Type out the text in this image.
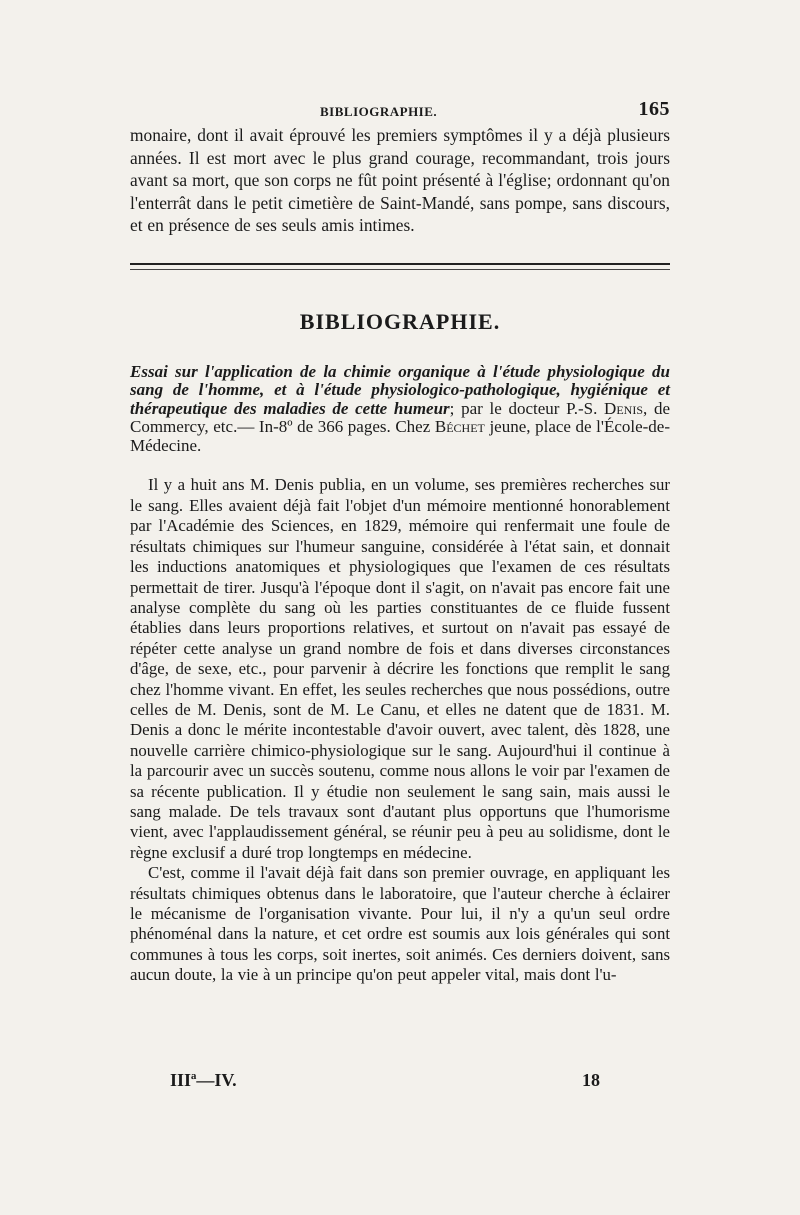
BIBLIOGRAPHIE.	165

monaire, dont il avait éprouvé les premiers symptômes il y a déjà plusieurs années. Il est mort avec le plus grand courage, recommandant, trois jours avant sa mort, que son corps ne fût point présenté à l'église; ordonnant qu'on l'enterrât dans le petit cimetière de Saint-Mandé, sans pompe, sans discours, et en présence de ses seuls amis intimes.

BIBLIOGRAPHIE.

Essai sur l'application de la chimie organique à l'étude physiologique du sang de l'homme, et à l'étude physiologico-pathologique, hygiénique et thérapeutique des maladies de cette humeur; par le docteur P.-S. Denis, de Commercy, etc.— In-8º de 366 pages. Chez Béchet jeune, place de l'École-de-Médecine.

Il y a huit ans M. Denis publia, en un volume, ses premières recherches sur le sang. Elles avaient déjà fait l'objet d'un mémoire mentionné honorablement par l'Académie des Sciences, en 1829, mémoire qui renfermait une foule de résultats chimiques sur l'humeur sanguine, considérée à l'état sain, et donnait les inductions anatomiques et physiologiques que l'examen de ces résultats permettait de tirer. Jusqu'à l'époque dont il s'agit, on n'avait pas encore fait une analyse complète du sang où les parties constituantes de ce fluide fussent établies dans leurs proportions relatives, et surtout on n'avait pas essayé de répéter cette analyse un grand nombre de fois et dans diverses circonstances d'âge, de sexe, etc., pour parvenir à décrire les fonctions que remplit le sang chez l'homme vivant. En effet, les seules recherches que nous possédions, outre celles de M. Denis, sont de M. Le Canu, et elles ne datent que de 1831. M. Denis a donc le mérite incontestable d'avoir ouvert, avec talent, dès 1828, une nouvelle carrière chimico-physiologique sur le sang. Aujourd'hui il continue à la parcourir avec un succès soutenu, comme nous allons le voir par l'examen de sa récente publication. Il y étudie non seulement le sang sain, mais aussi le sang malade. De tels travaux sont d'autant plus opportuns que l'humorisme vient, avec l'applaudissement général, se réunir peu à peu au solidisme, dont le règne exclusif a duré trop longtemps en médecine.

C'est, comme il l'avait déjà fait dans son premier ouvrage, en appliquant les résultats chimiques obtenus dans le laboratoire, que l'auteur cherche à éclairer le mécanisme de l'organisation vivante. Pour lui, il n'y a qu'un seul ordre phénoménal dans la nature, et cet ordre est soumis aux lois générales qui sont communes à tous les corps, soit inertes, soit animés. Ces derniers doivent, sans aucun doute, la vie à un principe qu'on peut appeler vital, mais dont l'u-

IIIª—IV.	18
